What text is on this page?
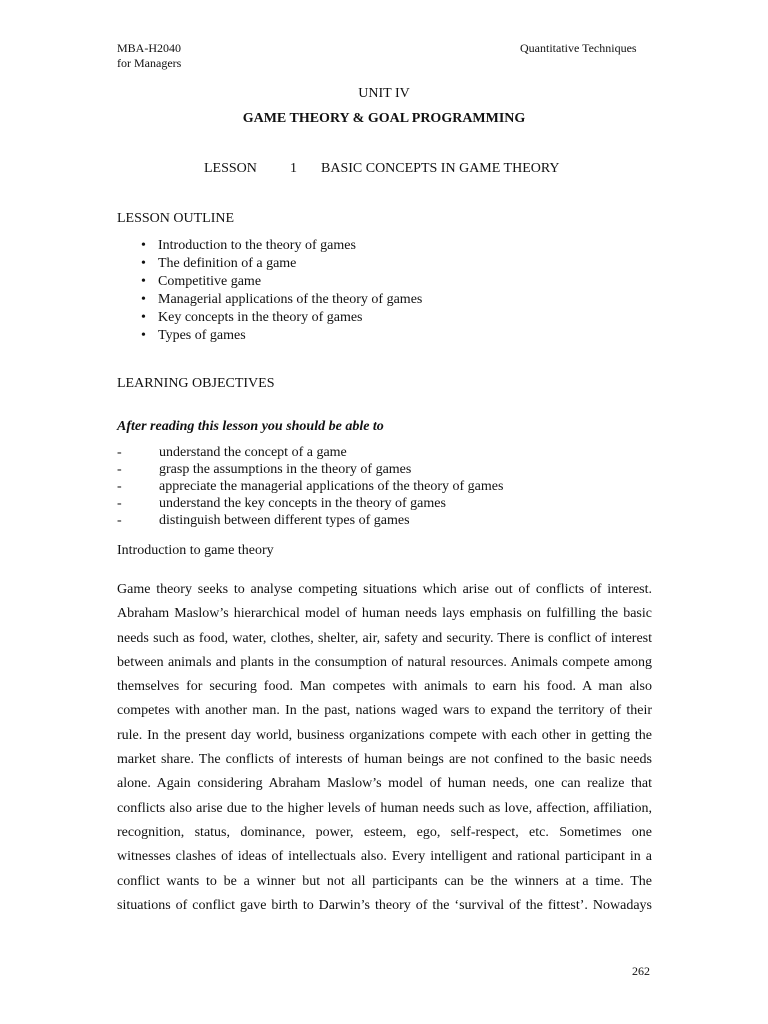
MBA-H2040
for Managers
Quantitative Techniques
UNIT IV
GAME THEORY & GOAL PROGRAMMING
LESSON 1 BASIC CONCEPTS IN GAME THEORY
LESSON OUTLINE
• Introduction to the theory of games
• The definition of a game
• Competitive game
• Managerial applications of the theory of games
• Key concepts in the theory of games
• Types of games
LEARNING OBJECTIVES
After reading this lesson you should be able to
-	understand the concept of a game
-	grasp the assumptions in the theory of games
-	appreciate the managerial applications of the theory of games
-	understand the key concepts in the theory of games
-	distinguish between different types of games
Introduction to game theory
Game theory seeks to analyse competing situations which arise out of conflicts of interest.
Abraham Maslow’s hierarchical model of human needs lays emphasis on fulfilling the basic
needs such as food, water, clothes, shelter, air, safety and security. There is conflict of interest
between animals and plants in the consumption of natural resources. Animals compete among
themselves for securing food. Man competes with animals to earn his food. A man also
competes with another man. In the past, nations waged wars to expand the territory of their
rule. In the present day world, business organizations compete with each other in getting the
market share. The conflicts of interests of human beings are not confined to the basic needs
alone. Again considering Abraham Maslow’s model of human needs, one can realize that
conflicts also arise due to the higher levels of human needs such as love, affection, affiliation,
recognition, status, dominance, power, esteem, ego, self-respect, etc. Sometimes one
witnesses clashes of ideas of intellectuals also. Every intelligent and rational participant in a
conflict wants to be a winner but not all participants can be the winners at a time. The
situations of conflict gave birth to Darwin’s theory of the ‘survival of the fittest’. Nowadays
262
